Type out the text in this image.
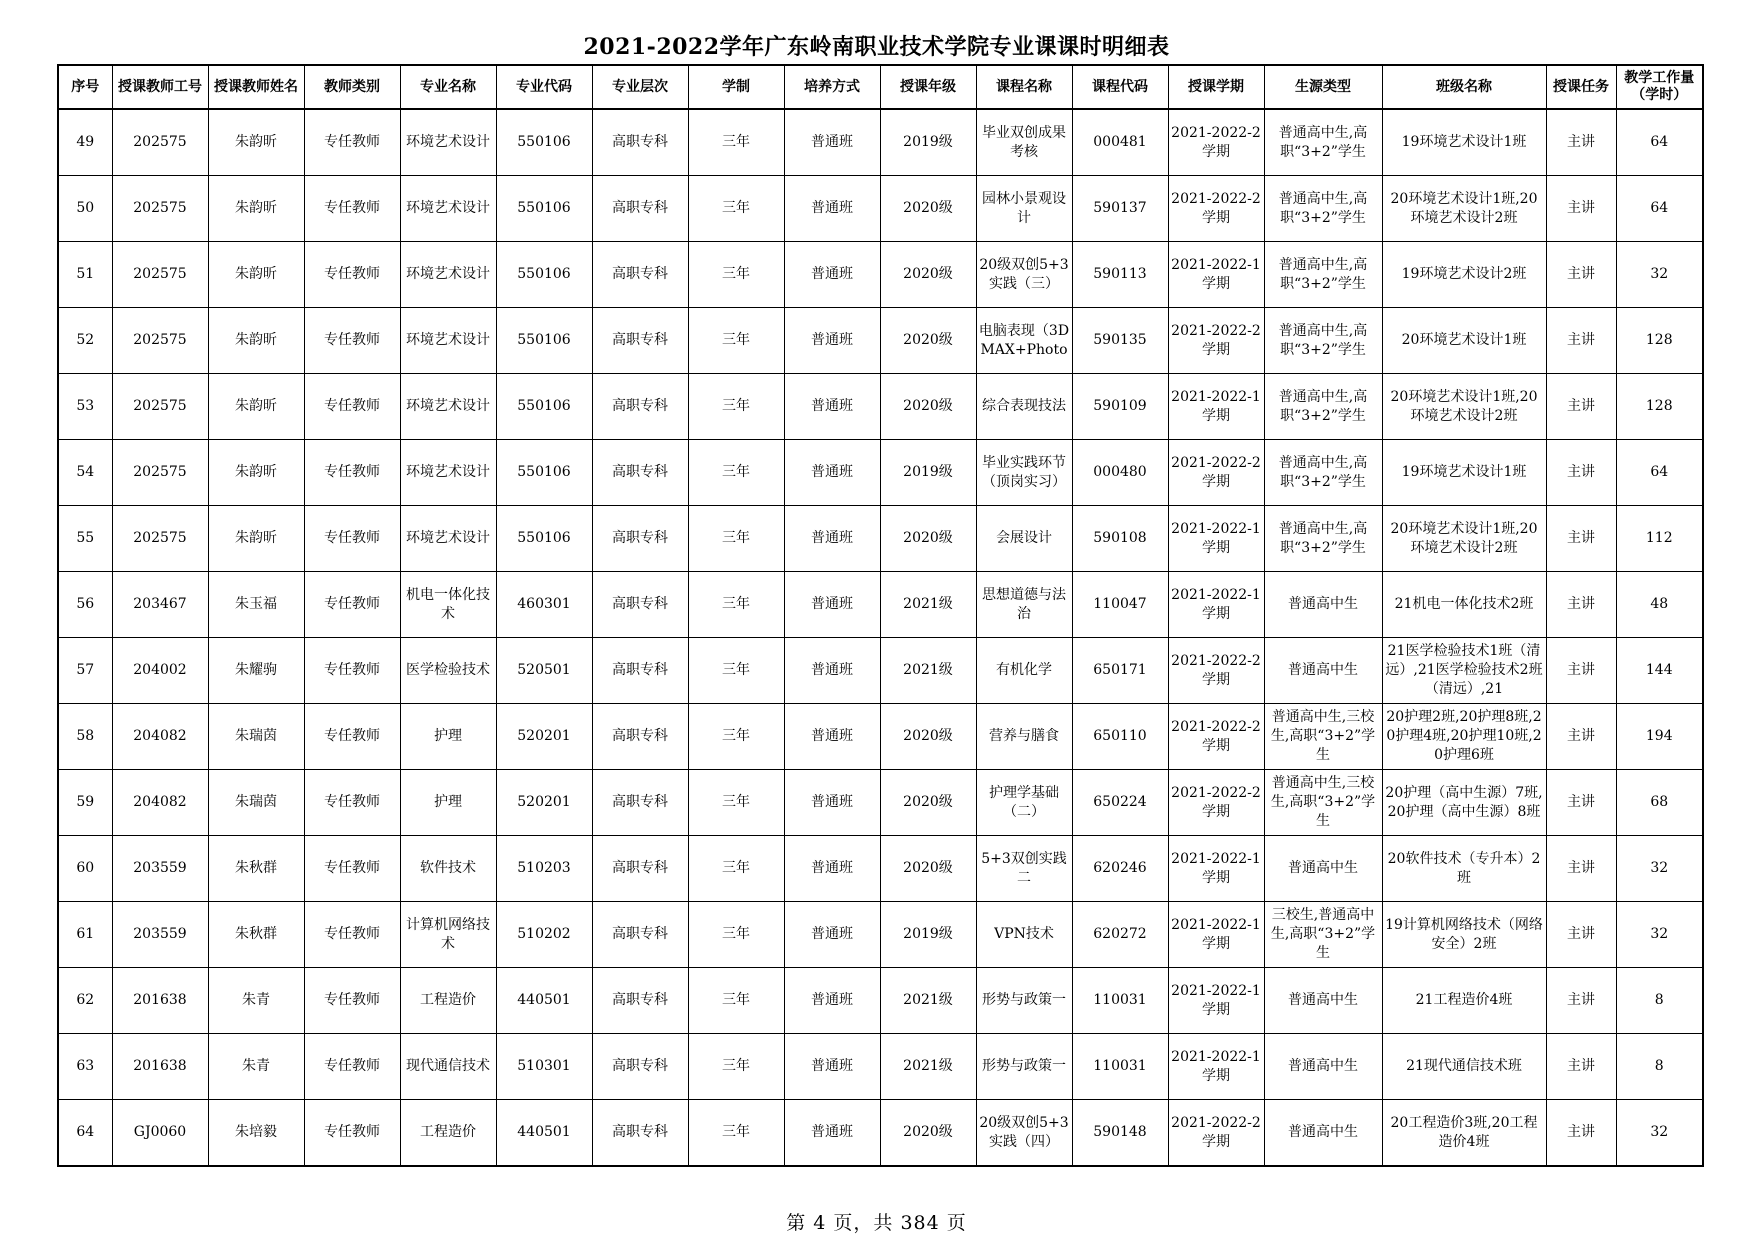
2021-2022学年广东岭南职业技术学院专业课课时明细表
序号	授课教师工号	授课教师姓名	教师类别	专业名称	专业代码	专业层次	学制	培养方式	授课年级	课程名称	课程代码	授课学期	生源类型	班级名称	授课任务	教学工作量（学时）

49	202575	朱韵昕	专任教师	环境艺术设计	550106	高职专科	三年	普通班	2019级	毕业双创成果考核	000481	2021-2022-2学期	普通高中生,高职“3+2”学生	19环境艺术设计1班	主讲	64

50	202575	朱韵昕	专任教师	环境艺术设计	550106	高职专科	三年	普通班	2020级	园林小景观设计	590137	2021-2022-2学期	普通高中生,高职“3+2”学生	20环境艺术设计1班,20环境艺术设计2班	主讲	64

51	202575	朱韵昕	专任教师	环境艺术设计	550106	高职专科	三年	普通班	2020级	20级双创5+3实践（三）	590113	2021-2022-1学期	普通高中生,高职“3+2”学生	19环境艺术设计2班	主讲	32

52	202575	朱韵昕	专任教师	环境艺术设计	550106	高职专科	三年	普通班	2020级	电脑表现（3DMAX+Photo	590135	2021-2022-2学期	普通高中生,高职“3+2”学生	20环境艺术设计1班	主讲	128

53	202575	朱韵昕	专任教师	环境艺术设计	550106	高职专科	三年	普通班	2020级	综合表现技法	590109	2021-2022-1学期	普通高中生,高职“3+2”学生	20环境艺术设计1班,20环境艺术设计2班	主讲	128

54	202575	朱韵昕	专任教师	环境艺术设计	550106	高职专科	三年	普通班	2019级	毕业实践环节（顶岗实习）	000480	2021-2022-2学期	普通高中生,高职“3+2”学生	19环境艺术设计1班	主讲	64

55	202575	朱韵昕	专任教师	环境艺术设计	550106	高职专科	三年	普通班	2020级	会展设计	590108	2021-2022-1学期	普通高中生,高职“3+2”学生	20环境艺术设计1班,20环境艺术设计2班	主讲	112

56	203467	朱玉福	专任教师	机电一体化技术	460301	高职专科	三年	普通班	2021级	思想道德与法治	110047	2021-2022-1学期	普通高中生	21机电一体化技术2班	主讲	48

57	204002	朱耀驹	专任教师	医学检验技术	520501	高职专科	三年	普通班	2021级	有机化学	650171	2021-2022-2学期	普通高中生	21医学检验技术1班（清远）,21医学检验技术2班（清远）,21	主讲	144

58	204082	朱瑞茵	专任教师	护理	520201	高职专科	三年	普通班	2020级	营养与膳食	650110	2021-2022-2学期	普通高中生,三校生,高职“3+2”学生	20护理2班,20护理8班,20护理4班,20护理10班,20护理6班	主讲	194

59	204082	朱瑞茵	专任教师	护理	520201	高职专科	三年	普通班	2020级	护理学基础（二）	650224	2021-2022-2学期	普通高中生,三校生,高职“3+2”学生	20护理（高中生源）7班,20护理（高中生源）8班	主讲	68

60	203559	朱秋群	专任教师	软件技术	510203	高职专科	三年	普通班	2020级	5+3双创实践二	620246	2021-2022-1学期	普通高中生	20软件技术（专升本）2班	主讲	32

61	203559	朱秋群	专任教师	计算机网络技术	510202	高职专科	三年	普通班	2019级	VPN技术	620272	2021-2022-1学期	三校生,普通高中生,高职“3+2”学生	19计算机网络技术（网络安全）2班	主讲	32

62	201638	朱青	专任教师	工程造价	440501	高职专科	三年	普通班	2021级	形势与政策一	110031	2021-2022-1学期	普通高中生	21工程造价4班	主讲	8

63	201638	朱青	专任教师	现代通信技术	510301	高职专科	三年	普通班	2021级	形势与政策一	110031	2021-2022-1学期	普通高中生	21现代通信技术班	主讲	8

64	GJ0060	朱培毅	专任教师	工程造价	440501	高职专科	三年	普通班	2020级	20级双创5+3实践（四）	590148	2021-2022-2学期	普通高中生	20工程造价3班,20工程造价4班	主讲	32
第 4 页，共 384 页
